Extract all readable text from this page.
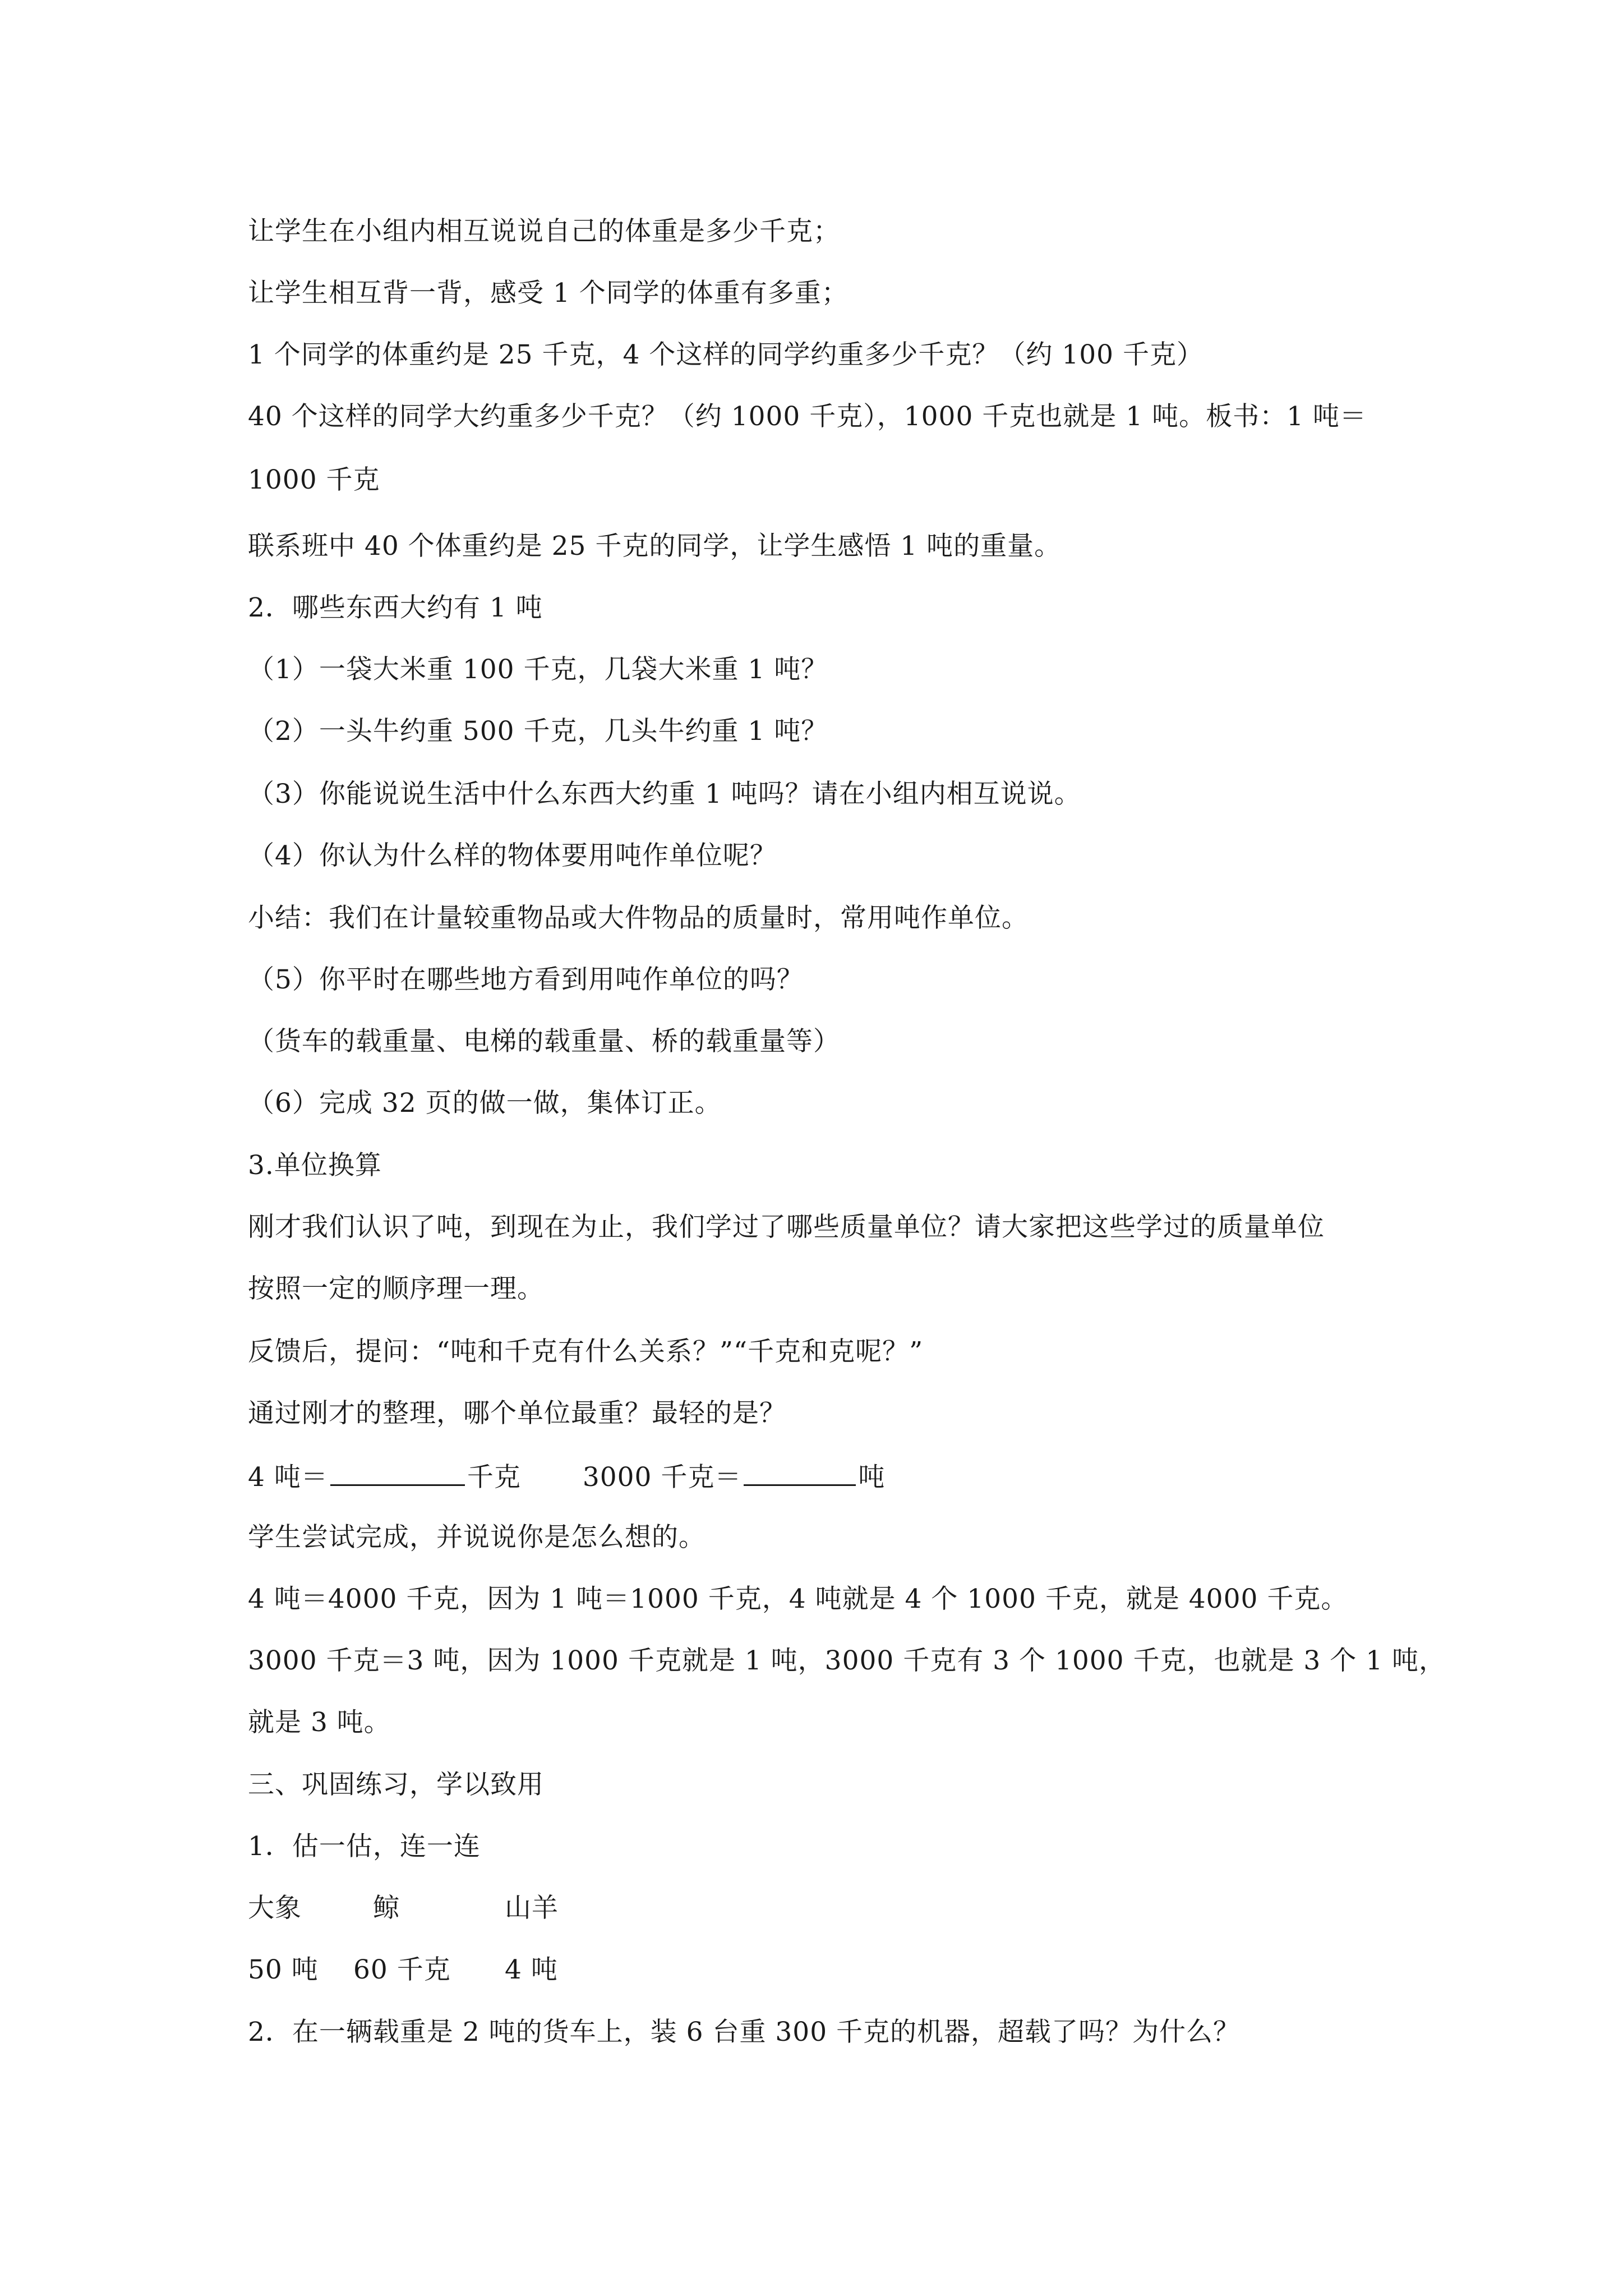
让学生在小组内相互说说自己的体重是多少千克；
让学生相互背一背，感受 1 个同学的体重有多重；
1 个同学的体重约是 25 千克，4 个这样的同学约重多少千克？（约 100 千克）
40 个这样的同学大约重多少千克？（约 1000 千克），1000 千克也就是 1 吨。板书：1 吨＝
1000 千克
联系班中 40 个体重约是 25 千克的同学，让学生感悟 1 吨的重量。
2．哪些东西大约有 1 吨
（1）一袋大米重 100 千克，几袋大米重 1 吨？
（2）一头牛约重 500 千克，几头牛约重 1 吨？
（3）你能说说生活中什么东西大约重 1 吨吗？请在小组内相互说说。
（4）你认为什么样的物体要用吨作单位呢？
小结：我们在计量较重物品或大件物品的质量时，常用吨作单位。
（5）你平时在哪些地方看到用吨作单位的吗？
（货车的载重量、电梯的载重量、桥的载重量等）
（6）完成 32 页的做一做，集体订正。
3.单位换算
刚才我们认识了吨，到现在为止，我们学过了哪些质量单位？请大家把这些学过的质量单位
按照一定的顺序理一理。
反馈后，提问：“吨和千克有什么关系？”“千克和克呢？”
通过刚才的整理，哪个单位最重？最轻的是？
4 吨＝	千克 3000 千克＝	吨
学生尝试完成，并说说你是怎么想的。
4 吨＝4000 千克，因为 1 吨＝1000 千克，4 吨就是 4 个 1000 千克，就是 4000 千克。
3000 千克＝3 吨，因为 1000 千克就是 1 吨，3000 千克有 3 个 1000 千克，也就是 3 个 1 吨，
就是 3 吨。
三、巩固练习，学以致用
1．估一估，连一连
大象	鲸	山羊
50 吨 60 千克 4 吨
2．在一辆载重是 2 吨的货车上，装 6 台重 300 千克的机器，超载了吗？为什么？
